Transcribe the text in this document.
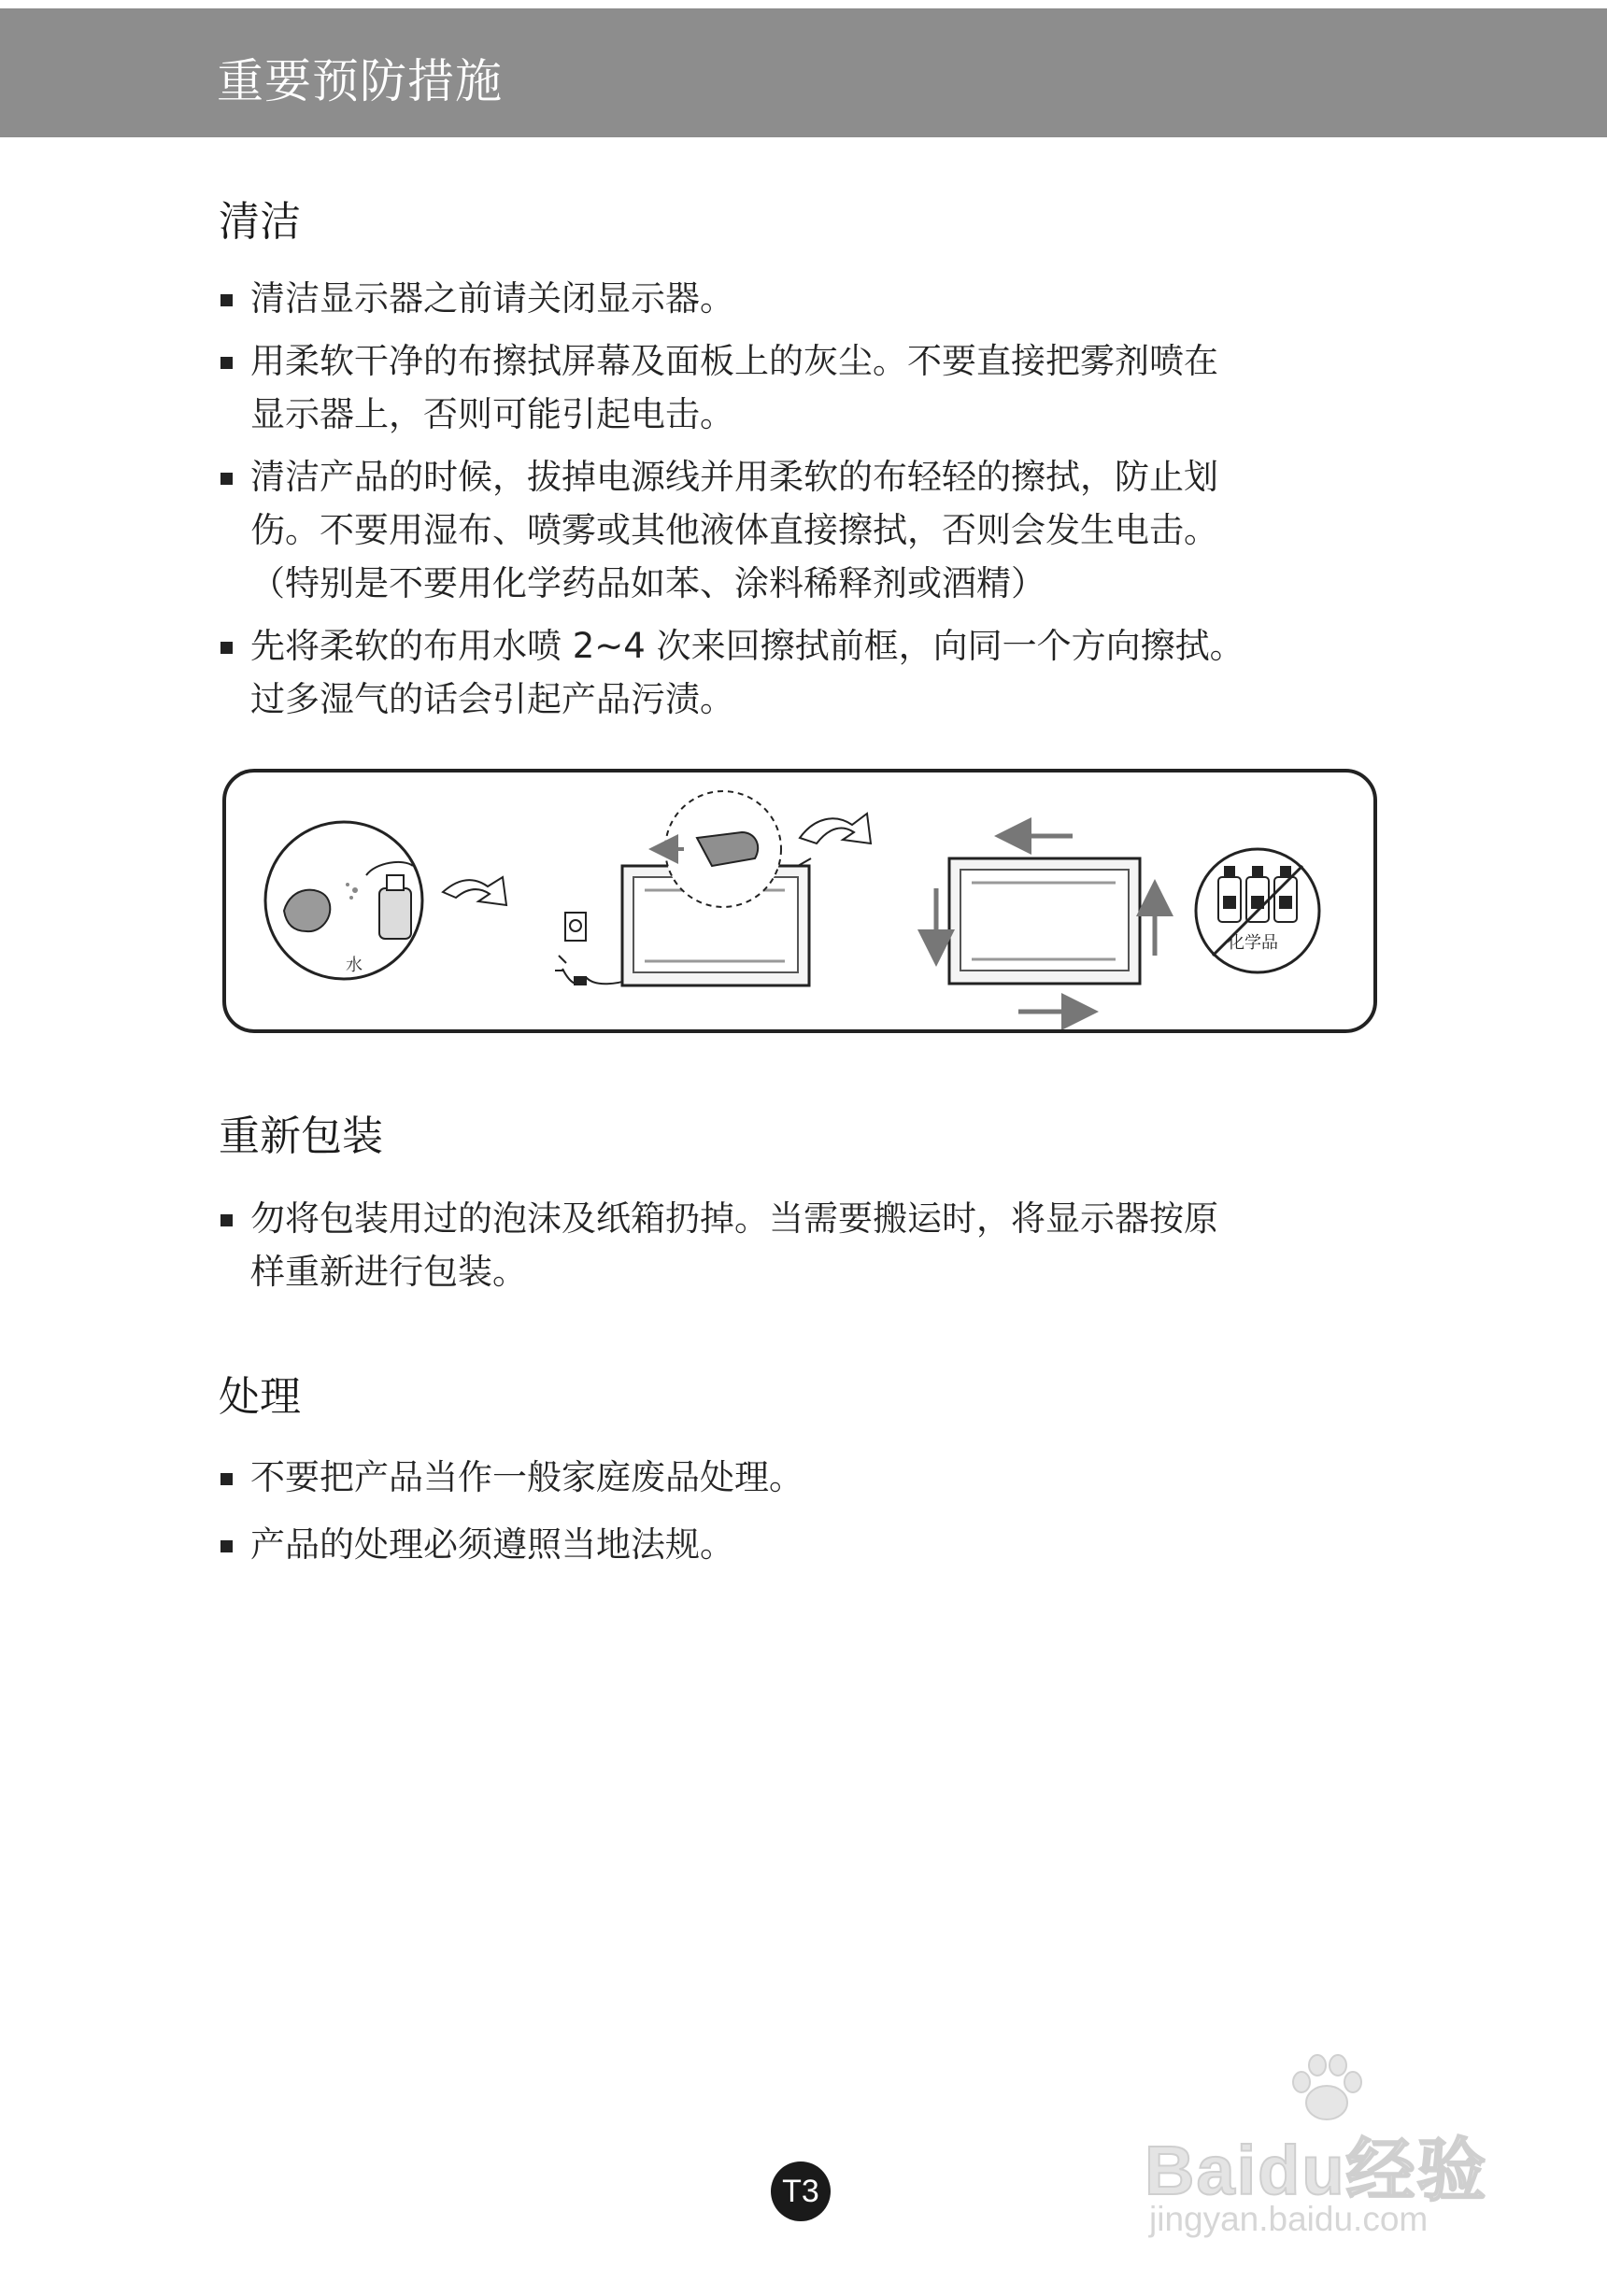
重要预防措施
清洁
清洁显示器之前请关闭显示器。
用柔软干净的布擦拭屏幕及面板上的灰尘。不要直接把雾剂喷在
显示器上，否则可能引起电击。
清洁产品的时候，拔掉电源线并用柔软的布轻轻的擦拭，防止划
伤。不要用湿布、喷雾或其他液体直接擦拭，否则会发生电击。
（特别是不要用化学药品如苯、涂料稀释剂或酒精）
先将柔软的布用水喷 2~4 次来回擦拭前框，向同一个方向擦拭。
过多湿气的话会引起产品污渍。
水
化学品
重新包装
勿将包装用过的泡沫及纸箱扔掉。当需要搬运时，将显示器按原
样重新进行包装。
处理
不要把产品当作一般家庭废品处理。
产品的处理必须遵照当地法规。
Baidu经验
jingyan.baidu.com
T3
